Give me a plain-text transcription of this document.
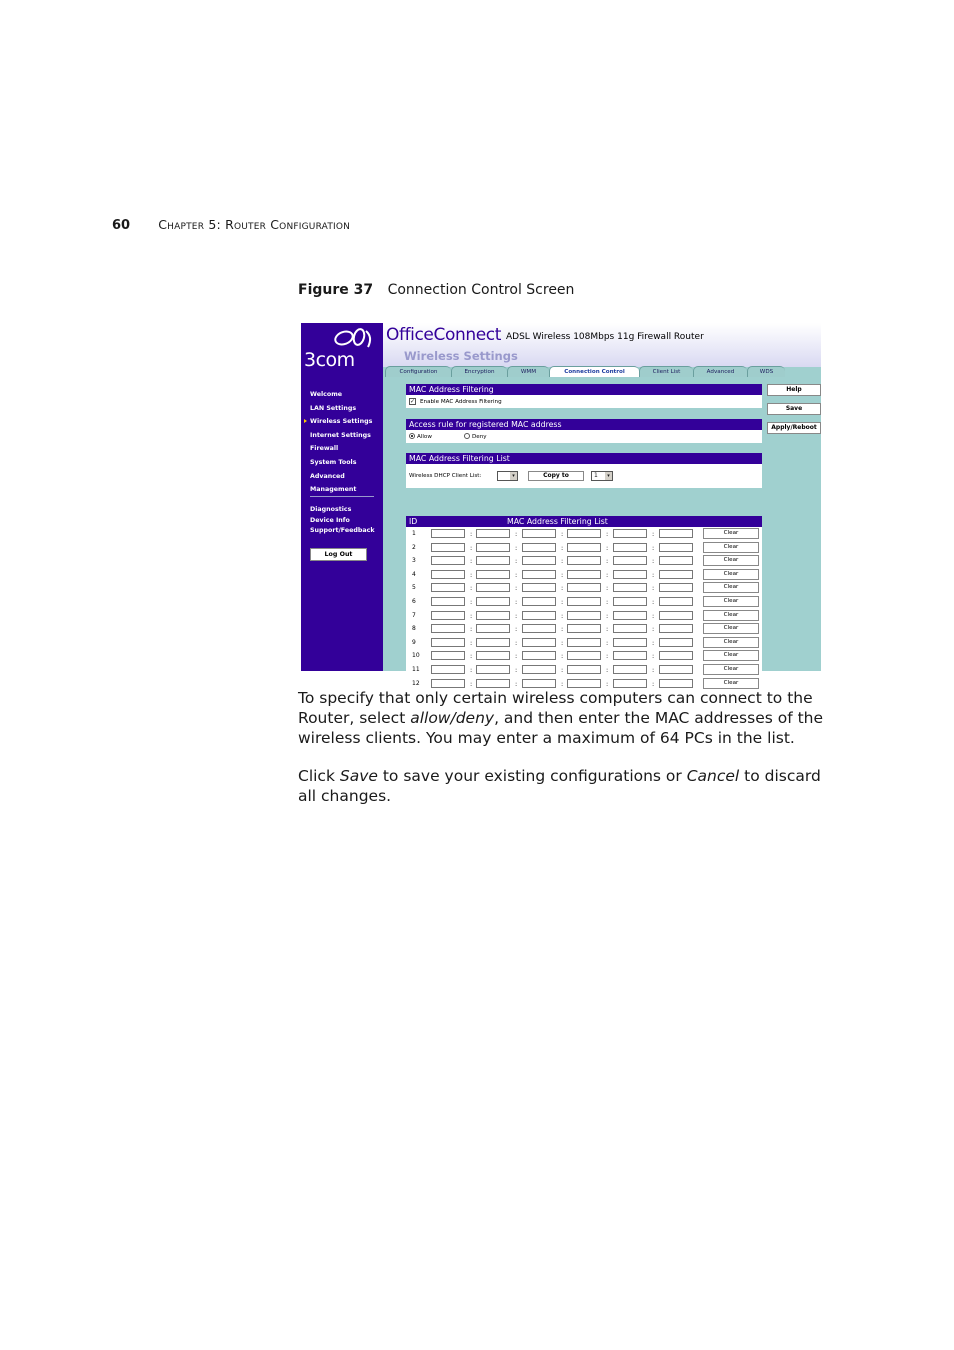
60 Chapter 5: Router Configuration
Figure 37 Connection Control Screen
3com
Welcome
LAN Settings
Wireless Settings
Internet Settings
Firewall
System Tools
Advanced
Management
Diagnostics
Device Info
Support/Feedback
Log Out
OfficeConnect ADSL Wireless 108Mbps 11g Firewall Router
Wireless Settings
Configuration	Encryption	WMM	Connection Control	Client List	Advanced	WDS
MAC Address Filtering
✓ Enable MAC Address Filtering
Access rule for registered MAC address
Allow	Deny
MAC Address Filtering List
Wireless DHCP Client List:	▾	Copy to	1	▾
ID	MAC Address Filtering List
1	:	:	:	:	:	Clear
2	:	:	:	:	:	Clear
3	:	:	:	:	:	Clear
4	:	:	:	:	:	Clear
5	:	:	:	:	:	Clear
6	:	:	:	:	:	Clear
7	:	:	:	:	:	Clear
8	:	:	:	:	:	Clear
9	:	:	:	:	:	Clear
10	:	:	:	:	:	Clear
11	:	:	:	:	:	Clear
12	:	:	:	:	:	Clear
Help
Save
Apply/Reboot
To specify that only certain wireless computers can connect to the Router, select allow/deny, and then enter the MAC addresses of the wireless clients. You may enter a maximum of 64 PCs in the list.
Click Save to save your existing configurations or Cancel to discard all changes.
